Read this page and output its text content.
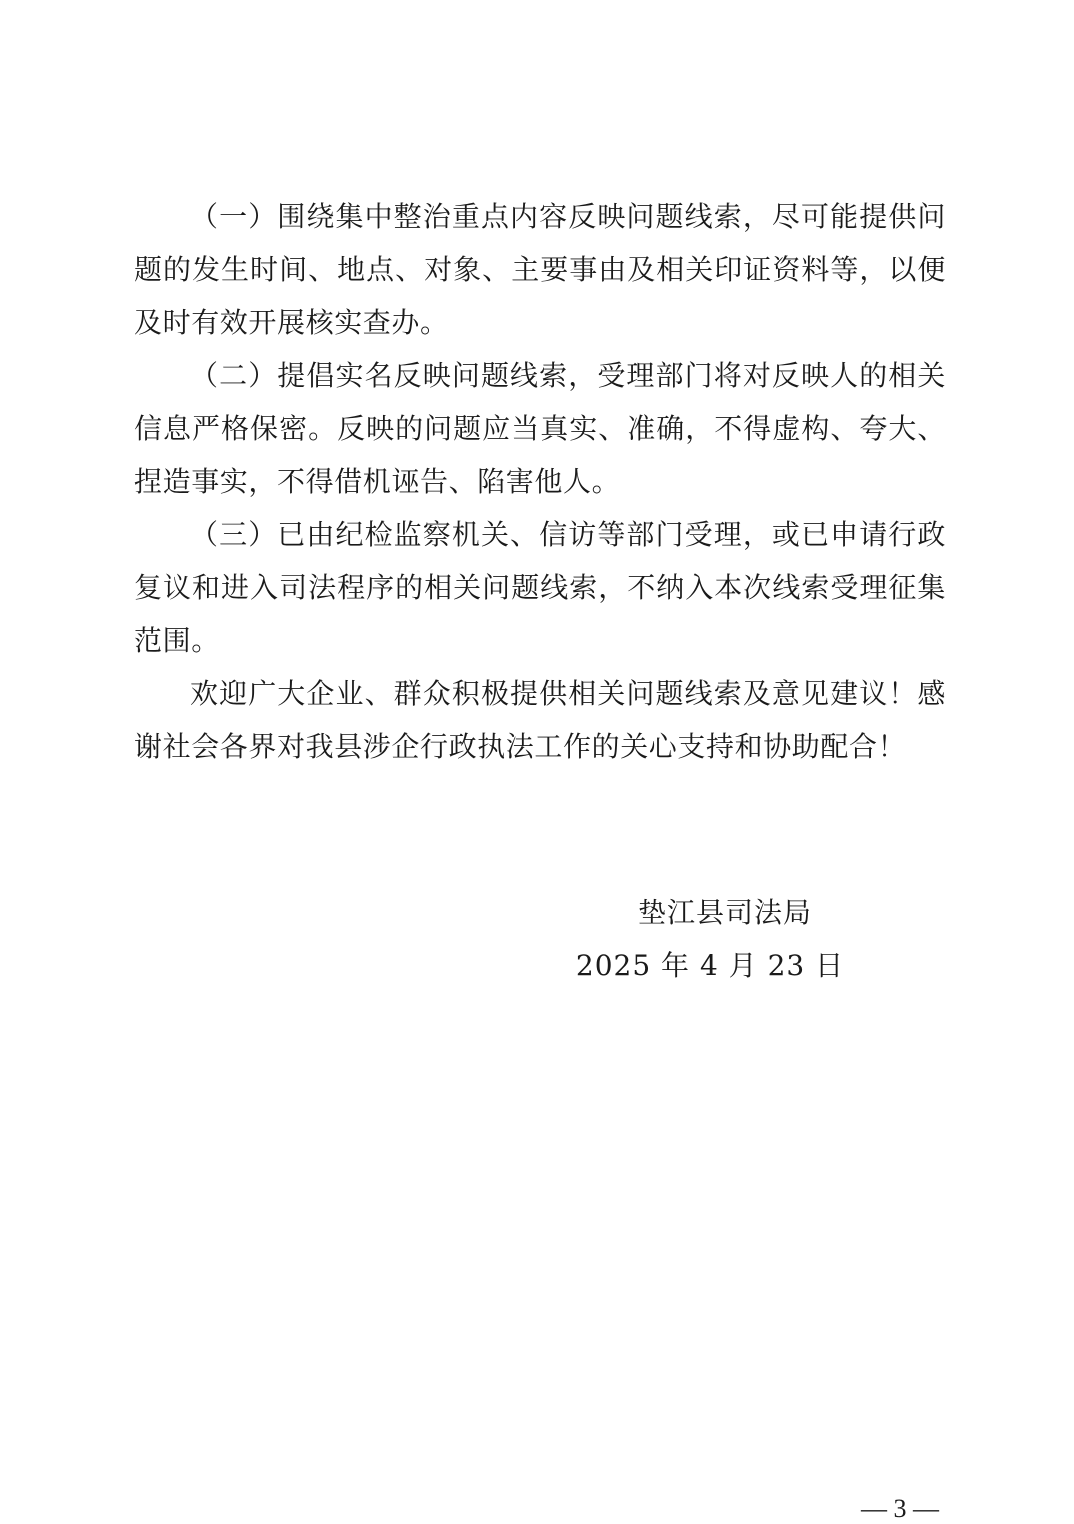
（一）围绕集中整治重点内容反映问题线索，尽可能提供问题的发生时间、地点、对象、主要事由及相关印证资料等，以便及时有效开展核实查办。

（二）提倡实名反映问题线索，受理部门将对反映人的相关信息严格保密。反映的问题应当真实、准确，不得虚构、夸大、捏造事实，不得借机诬告、陷害他人。

（三）已由纪检监察机关、信访等部门受理，或已申请行政复议和进入司法程序的相关问题线索，不纳入本次线索受理征集范围。

欢迎广大企业、群众积极提供相关问题线索及意见建议！感谢社会各界对我县涉企行政执法工作的关心支持和协助配合！

垫江县司法局

2025 年 4 月 23 日

— 3 —
